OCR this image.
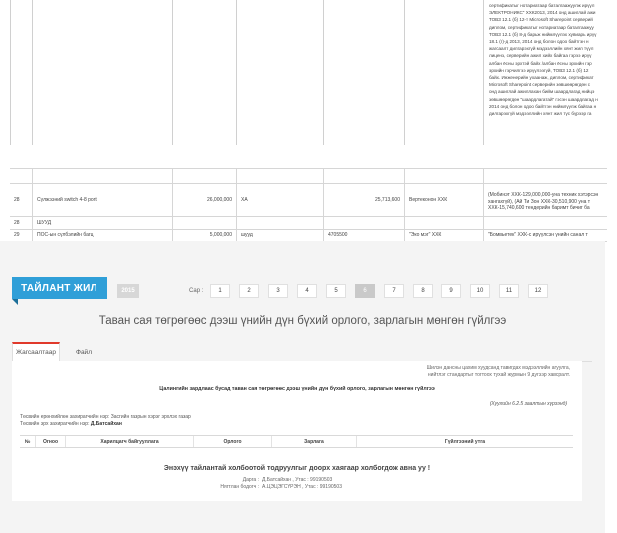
сертификатыг нотариатаар баталгаажуулж ирүүл
ЭЛЕКТРОНИКС" ХХК2013, 2014 онд ашиглай ажи
ТОВЗ 12.1 (б) 12-т Microsoft Sharepoint серверий
диплом, сертификатыг нотариатаар баталгаажуу
ТОВЗ 12.1 (б) 8-д барьж ниймлүүлэх хувиарь ирүү
18.1 (г)-д 2013, 2014 онд болон одоо байтгэн н
жагсаалт дилгарэхгүй мэдээллийн хянт жил түүл
лиценз, серверийн ажил хийх байгаа гэрээ ирүү
албан ёсны эрхтэй байх /албан ёсны эрхийн гэр
эрхийн гэрчилгээ ирүүлээгүй, ТОВЗ 12.1 (б) 12
байх. Инженерийн ухаанаж, диплом, сертификат
Microsoft Sharepoint серверийн зөвшөөрөгдөн с
онд ашиглай ажиллахан бийм шаардлагад нийцэ
зөвшөөрөгдөн "шаардлагатай" гэсэн шаардлагад н
2014 онд болон одоо байтгэн ниймлүүлж байгаа н
дилгарэхгүй мэдээллийн хянт жил түс бүрээр га
28	Сүлжээний switch 4-8 port	26,000,000	ХА	25,713,600	Вертеконон ХХК
(Мобинэт ХХК-129,000,000-уна техник хэтэрсэн
хангахгүй), (Ай Ти Зон ХХК-30,510,900 уна т
ХХК-15,740,600 тендерийн баримт бичиг ба
28	ШУУД
29	ПОС-ын сүлбэлийн багц	5,000,000	шууд	4705500	"Эко мэг" ХХК	"Бомвьетек" ХХК-с ирүүлсэн үнийн санал т
ТАЙЛАНТ ЖИЛ	2015	Сар :	1	2	3	4	5	6	7	8	9	10	11	12
Таван сая төгрөгөөс дээш үнийн дүн бүхий орлого, зарлагын мөнгөн гүйлгээ
Жагсаалтаар	Файл
Шилэн дансны цахим хуудсанд тавигдах мэдээллийн агуулга,
нийтлэг стандартыг тогтоох тухай журмын 9 дүгээр хавсралт.
Цалингийн зардлаас бусад таван сая төгрөгөөс дээш үнийн дүн бүхий орлого, зарлагын мөнгөн гүйлгээ
(Хуулийн 6.2.5 заалтын хүрээнд)
Төсвийн ерөнхийлөн захирагчийн нэр: Засгийн газрын хэрэг эрхлэх газар
Төсвийн эрх захирагчийн нэр: Д.Батсайхан
№	Огноо	Харилцагч байгууллага	Орлого	Зарлага	Гүйлгээний утга
Энэхүү тайлантай холбоотой тодруулгыг доорх хаягаар холбогдож авна уу !
Дарга : Д.Батсайхан , Утас : 99190503
Нягтлан бодогч : А.ЦЭЦЭГСҮРЭН , Утас : 99190503
